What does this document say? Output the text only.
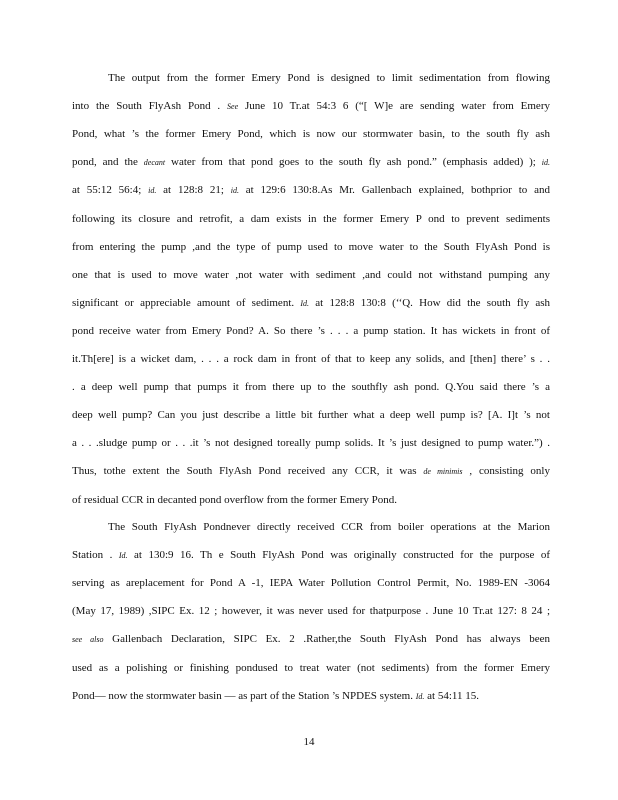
The output from the former Emery Pond is designed to limit sedimentation from flowing
into the South FlyAsh Pond . See June 10 Tr.at 54:3 6 (“[ W]e are sending water from Emery
Pond, what ’s the former Emery Pond, which is now our stormwater basin, to the south fly ash
pond, and the decant water from that pond goes to the south fly ash pond.” (emphasis added) ); id.
at 55:12 56:4; id. at 128:8 21; id. at 129:6 130:8.As Mr. Gallenbach explained, bothprior to and
following its closure and retrofit, a dam exists in the former Emery P ond to prevent sediments
from entering the pump ,and the type of pump used to move water to the South FlyAsh Pond is
one that is used to move water ,not water with sediment ,and could not withstand pumping any
significant or appreciable amount of sediment. Id. at 128:8 130:8 (‘‘Q. How did the south fly ash
pond receive water from Emery Pond? A. So there ’s . . . a pump station. It has wickets in front of
it.Th[ere] is a wicket dam, . . . a rock dam in front of that to keep any solids, and [then] there’ s . .
. a deep well pump that pumps it from there up to the southfly ash pond. Q.You said there ’s a
deep well pump? Can you just describe a little bit further what a deep well pump is? [A. I]t ’s not
a . . .sludge pump or . . .it ’s not designed toreally pump solids. It ’s just designed to pump water.”) .
Thus, tothe extent the South FlyAsh Pond received any CCR, it was de minimis , consisting only
of residual CCR in decanted pond overflow from the former Emery Pond.
The South FlyAsh Pondnever directly received CCR from boiler operations at the Marion
Station . Id. at 130:9 16. Th e South FlyAsh Pond was originally constructed for the purpose of
serving as areplacement for Pond A -1, IEPA Water Pollution Control Permit, No. 1989-EN -3064
(May 17, 1989) ,SIPC Ex. 12 ; however, it was never used for thatpurpose . June 10 Tr.at 127: 8 24 ;
see also Gallenbach Declaration, SIPC Ex. 2 .Rather,the South FlyAsh Pond has always been
used as a polishing or finishing pondused to treat water (not sediments) from the former Emery
Pond— now the stormwater basin — as part of the Station ’s NPDES system. Id. at 54:11 15.
14
